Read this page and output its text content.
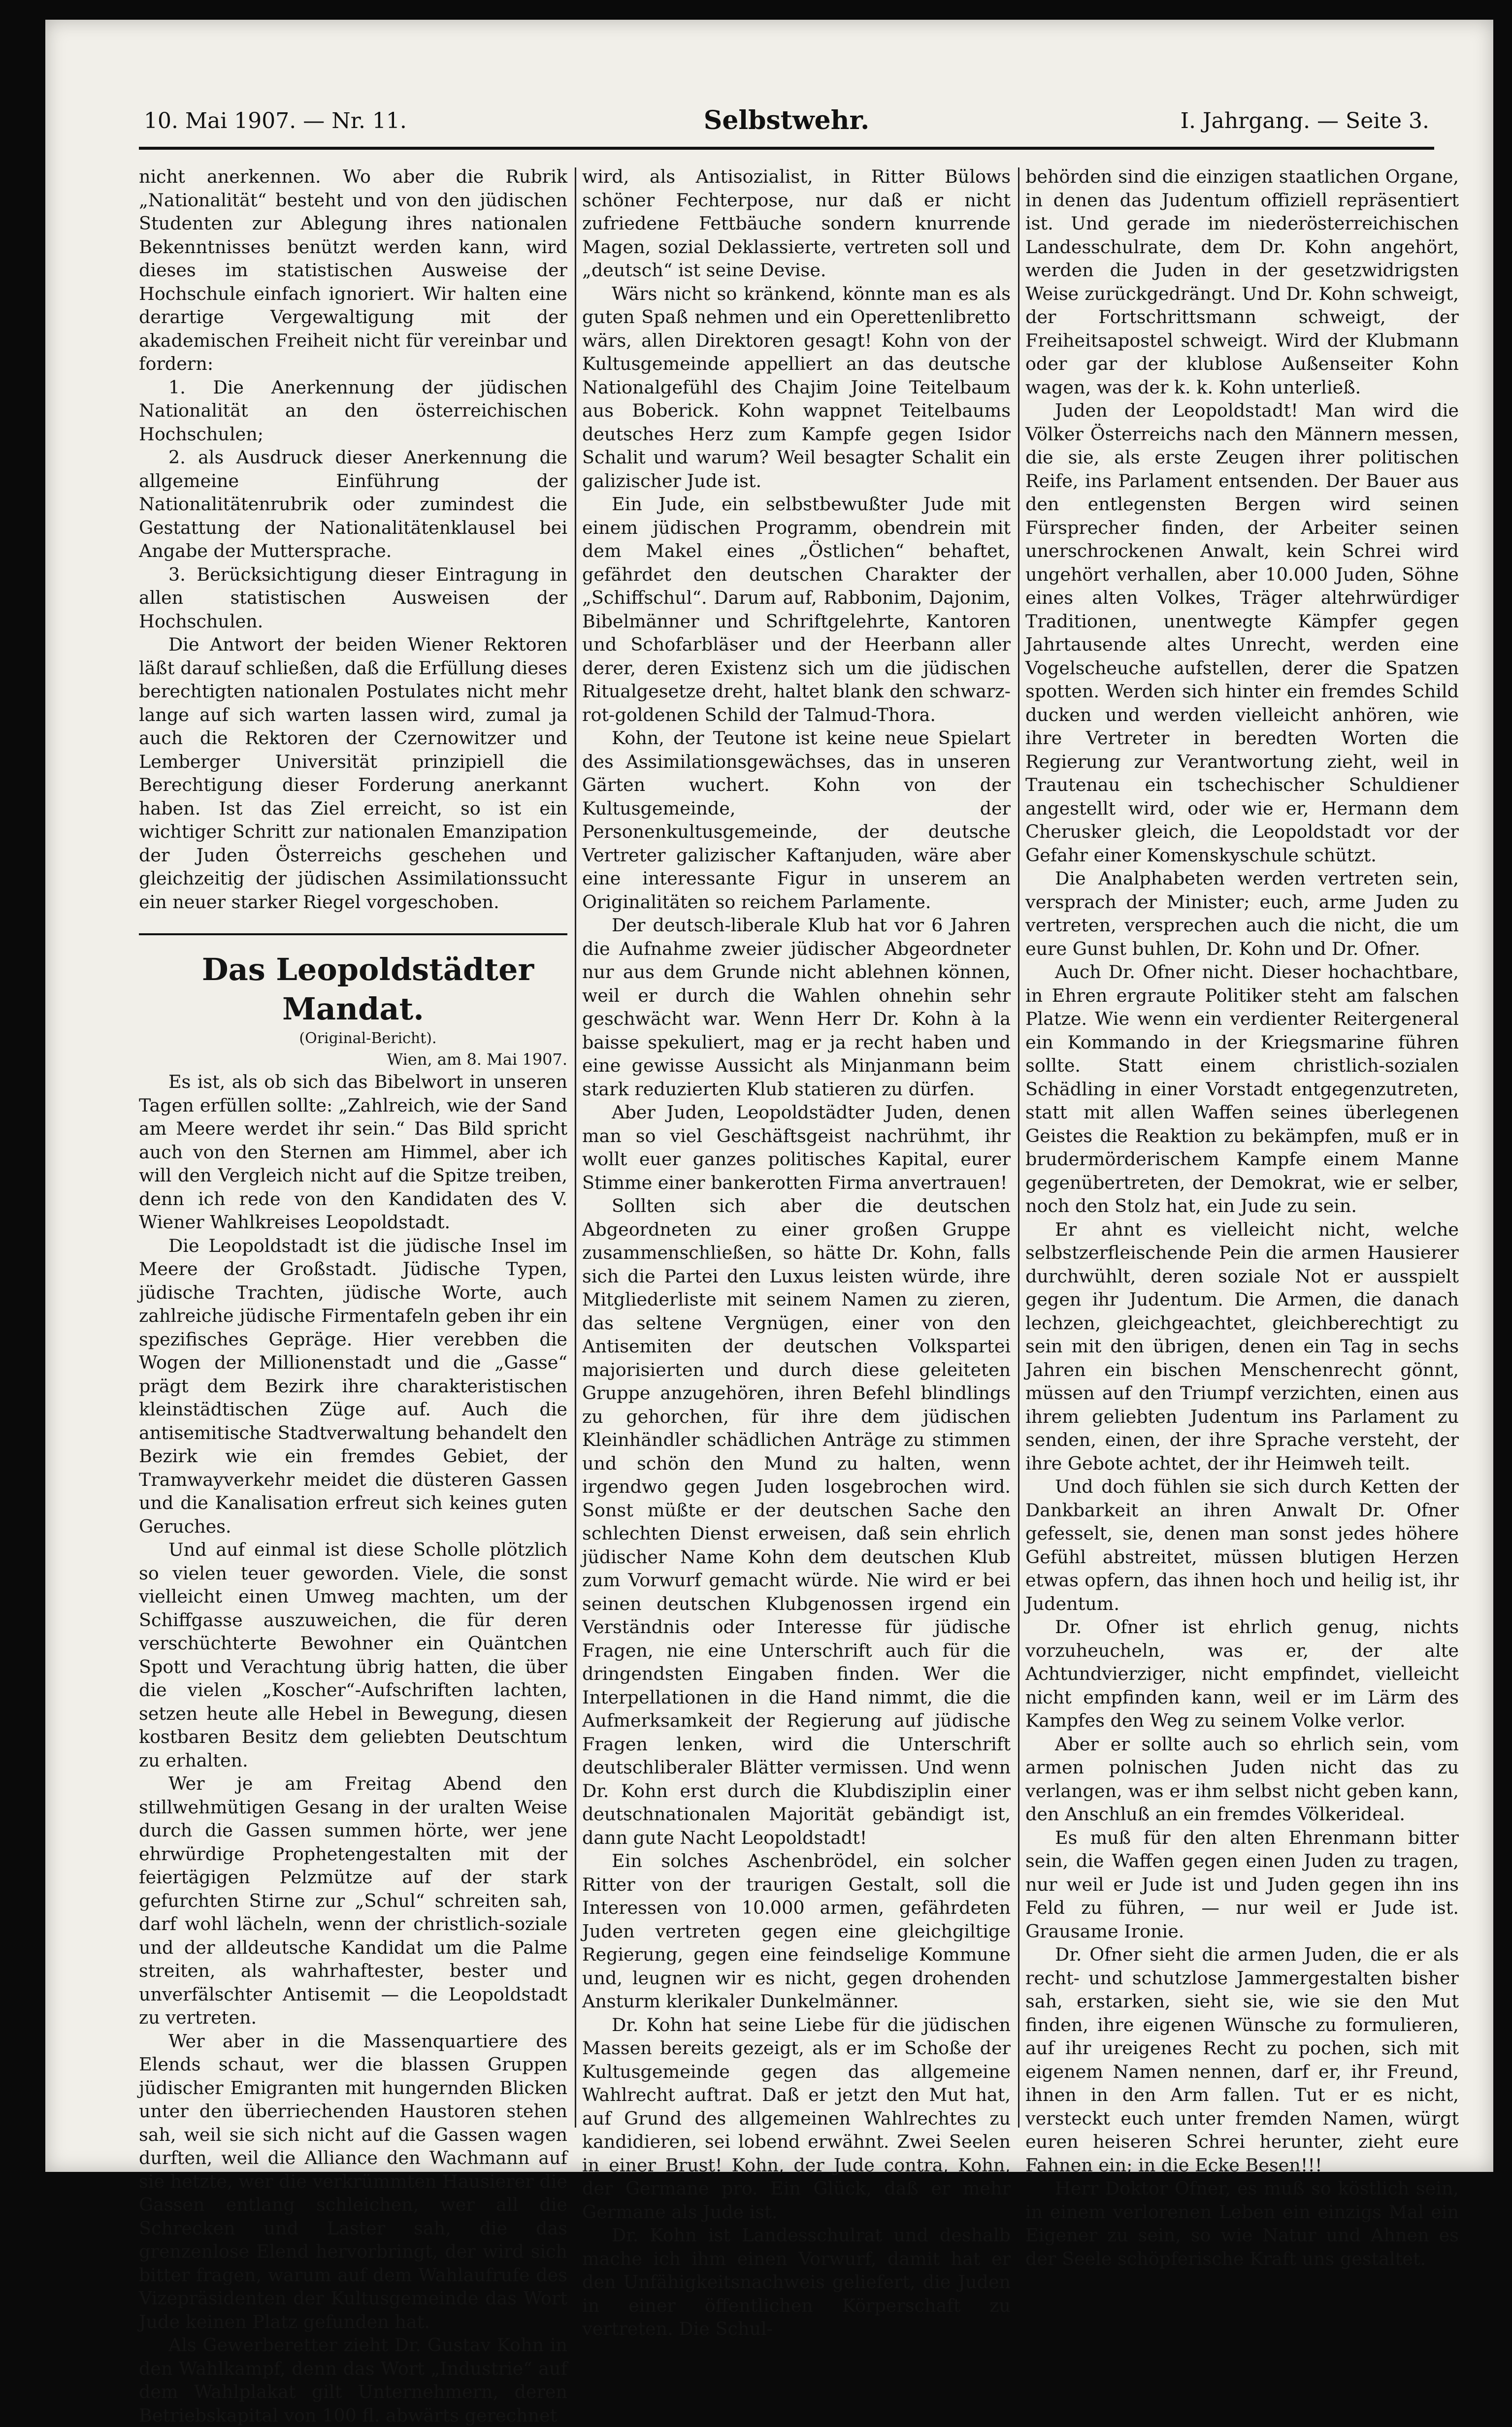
10. Mai 1907. — Nr. 11.	Selbstwehr.	I. Jahrgang. — Seite 3.

nicht anerkennen. Wo aber die Rubrik „Nationalität“ besteht und von den jüdischen Studenten zur Ablegung ihres nationalen Bekenntnisses benützt werden kann, wird dieses im statistischen Ausweise der Hochschule einfach ignoriert. Wir halten eine derartige Vergewaltigung mit der akademischen Freiheit nicht für vereinbar und fordern:

1. Die Anerkennung der jüdischen Nationalität an den österreichischen Hochschulen;

2. als Ausdruck dieser Anerkennung die allgemeine Einführung der Nationalitätenrubrik oder zumindest die Gestattung der Nationalitätenklausel bei Angabe der Muttersprache.

3. Berücksichtigung dieser Eintragung in allen statistischen Ausweisen der Hochschulen.

Die Antwort der beiden Wiener Rektoren läßt darauf schließen, daß die Erfüllung dieses berechtigten nationalen Postulates nicht mehr lange auf sich warten lassen wird, zumal ja auch die Rektoren der Czernowitzer und Lemberger Universität prinzipiell die Berechtigung dieser Forderung anerkannt haben. Ist das Ziel erreicht, so ist ein wichtiger Schritt zur nationalen Emanzipation der Juden Österreichs geschehen und gleichzeitig der jüdischen Assimilationssucht ein neuer starker Riegel vorgeschoben.

Das Leopoldstädter Mandat.

(Original-Bericht).

Wien, am 8. Mai 1907.

Es ist, als ob sich das Bibelwort in unseren Tagen erfüllen sollte: „Zahlreich, wie der Sand am Meere werdet ihr sein.“ Das Bild spricht auch von den Sternen am Himmel, aber ich will den Vergleich nicht auf die Spitze treiben, denn ich rede von den Kandidaten des V. Wiener Wahlkreises Leopoldstadt.

Die Leopoldstadt ist die jüdische Insel im Meere der Großstadt. Jüdische Typen, jüdische Trachten, jüdische Worte, auch zahlreiche jüdische Firmentafeln geben ihr ein spezifisches Gepräge. Hier verebben die Wogen der Millionenstadt und die „Gasse“ prägt dem Bezirk ihre charakteristischen kleinstädtischen Züge auf. Auch die antisemitische Stadtverwaltung behandelt den Bezirk wie ein fremdes Gebiet, der Tramwayverkehr meidet die düsteren Gassen und die Kanalisation erfreut sich keines guten Geruches.

Und auf einmal ist diese Scholle plötzlich so vielen teuer geworden. Viele, die sonst vielleicht einen Umweg machten, um der Schiffgasse auszuweichen, die für deren verschüchterte Bewohner ein Quäntchen Spott und Verachtung übrig hatten, die über die vielen „Koscher“-Aufschriften lachten, setzen heute alle Hebel in Bewegung, diesen kostbaren Besitz dem geliebten Deutschtum zu erhalten.

Wer je am Freitag Abend den stillwehmütigen Gesang in der uralten Weise durch die Gassen summen hörte, wer jene ehrwürdige Prophetengestalten mit der feiertägigen Pelzmütze auf der stark gefurchten Stirne zur „Schul“ schreiten sah, darf wohl lächeln, wenn der christlich-soziale und der alldeutsche Kandidat um die Palme streiten, als wahrhaftester, bester und unverfälschter Antisemit — die Leopoldstadt zu vertreten.

Wer aber in die Massenquartiere des Elends schaut, wer die blassen Gruppen jüdischer Emigranten mit hungernden Blicken unter den überriechenden Haustoren stehen sah, weil sie sich nicht auf die Gassen wagen durften, weil die Alliance den Wachmann auf sie hetzte, wer die verkrümmten Hausierer die Gassen entlang schleichen, wer all die Schrecken und Laster sah, die das grenzenlose Elend hervorbringt, der wird sich bitter fragen, warum auf dem Wahlaufrufe des Vizepräsidenten der Kultusgemeinde das Wort Jude keinen Platz gefunden hat.

Als Gewerberetter zieht Dr. Gustav Kohn in den Wahlkampf, denn das Wort „Industrie“ auf dem Wahlplakat gilt Unternehmern, deren Betriebskapital von 100 fl. abwärts gerechnet

wird, als Antisozialist, in Ritter Bülows schöner Fechterpose, nur daß er nicht zufriedene Fettbäuche sondern knurrende Magen, sozial Deklassierte, vertreten soll und „deutsch“ ist seine Devise.

Wärs nicht so kränkend, könnte man es als guten Spaß nehmen und ein Operettenlibretto wärs, allen Direktoren gesagt! Kohn von der Kultusgemeinde appelliert an das deutsche Nationalgefühl des Chajim Joine Teitelbaum aus Boberick. Kohn wappnet Teitelbaums deutsches Herz zum Kampfe gegen Isidor Schalit und warum? Weil besagter Schalit ein galizischer Jude ist.

Ein Jude, ein selbstbewußter Jude mit einem jüdischen Programm, obendrein mit dem Makel eines „Östlichen“ behaftet, gefährdet den deutschen Charakter der „Schiffschul“. Darum auf, Rabbonim, Dajonim, Bibelmänner und Schriftgelehrte, Kantoren und Schofarbläser und der Heerbann aller derer, deren Existenz sich um die jüdischen Ritualgesetze dreht, haltet blank den schwarz-rot-goldenen Schild der Talmud-Thora.

Kohn, der Teutone ist keine neue Spielart des Assimilationsgewächses, das in unseren Gärten wuchert. Kohn von der Kultusgemeinde, der Personenkultusgemeinde, der deutsche Vertreter galizischer Kaftanjuden, wäre aber eine interessante Figur in unserem an Originalitäten so reichem Parlamente.

Der deutsch-liberale Klub hat vor 6 Jahren die Aufnahme zweier jüdischer Abgeordneter nur aus dem Grunde nicht ablehnen können, weil er durch die Wahlen ohnehin sehr geschwächt war. Wenn Herr Dr. Kohn à la baisse spekuliert, mag er ja recht haben und eine gewisse Aussicht als Minjanmann beim stark reduzierten Klub statieren zu dürfen.

Aber Juden, Leopoldstädter Juden, denen man so viel Geschäftsgeist nachrühmt, ihr wollt euer ganzes politisches Kapital, eurer Stimme einer bankerotten Firma anvertrauen!

Sollten sich aber die deutschen Abgeordneten zu einer großen Gruppe zusammenschließen, so hätte Dr. Kohn, falls sich die Partei den Luxus leisten würde, ihre Mitgliederliste mit seinem Namen zu zieren, das seltene Vergnügen, einer von den Antisemiten der deutschen Volkspartei majorisierten und durch diese geleiteten Gruppe anzugehören, ihren Befehl blindlings zu gehorchen, für ihre dem jüdischen Kleinhändler schädlichen Anträge zu stimmen und schön den Mund zu halten, wenn irgendwo gegen Juden losgebrochen wird. Sonst müßte er der deutschen Sache den schlechten Dienst erweisen, daß sein ehrlich jüdischer Name Kohn dem deutschen Klub zum Vorwurf gemacht würde. Nie wird er bei seinen deutschen Klubgenossen irgend ein Verständnis oder Interesse für jüdische Fragen, nie eine Unterschrift auch für die dringendsten Eingaben finden. Wer die Interpellationen in die Hand nimmt, die die Aufmerksamkeit der Regierung auf jüdische Fragen lenken, wird die Unterschrift deutschliberaler Blätter vermissen. Und wenn Dr. Kohn erst durch die Klubdisziplin einer deutschnationalen Majorität gebändigt ist, dann gute Nacht Leopoldstadt!

Ein solches Aschenbrödel, ein solcher Ritter von der traurigen Gestalt, soll die Interessen von 10.000 armen, gefährdeten Juden vertreten gegen eine gleichgiltige Regierung, gegen eine feindselige Kommune und, leugnen wir es nicht, gegen drohenden Ansturm klerikaler Dunkelmänner.

Dr. Kohn hat seine Liebe für die jüdischen Massen bereits gezeigt, als er im Schoße der Kultusgemeinde gegen das allgemeine Wahlrecht auftrat. Daß er jetzt den Mut hat, auf Grund des allgemeinen Wahlrechtes zu kandidieren, sei lobend erwähnt. Zwei Seelen in einer Brust! Kohn, der Jude contra, Kohn, der Germane pro. Ein Glück, daß er mehr Germane als Jude ist.

Dr. Kohn ist Landesschulrat und deshalb mache ich ihm einen Vorwurf, damit hat er den Unfähigkeitsnachweis geliefert, die Juden in einer öffentlichen Körperschaft zu vertreten. Die Schul-

behörden sind die einzigen staatlichen Organe, in denen das Judentum offiziell repräsentiert ist. Und gerade im niederösterreichischen Landesschulrate, dem Dr. Kohn angehört, werden die Juden in der gesetzwidrigsten Weise zurückgedrängt. Und Dr. Kohn schweigt, der Fortschrittsmann schweigt, der Freiheitsapostel schweigt. Wird der Klubmann oder gar der klublose Außenseiter Kohn wagen, was der k. k. Kohn unterließ.

Juden der Leopoldstadt! Man wird die Völker Österreichs nach den Männern messen, die sie, als erste Zeugen ihrer politischen Reife, ins Parlament entsenden. Der Bauer aus den entlegensten Bergen wird seinen Fürsprecher finden, der Arbeiter seinen unerschrockenen Anwalt, kein Schrei wird ungehört verhallen, aber 10.000 Juden, Söhne eines alten Volkes, Träger altehrwürdiger Traditionen, unentwegte Kämpfer gegen Jahrtausende altes Unrecht, werden eine Vogelscheuche aufstellen, derer die Spatzen spotten. Werden sich hinter ein fremdes Schild ducken und werden vielleicht anhören, wie ihre Vertreter in beredten Worten die Regierung zur Verantwortung zieht, weil in Trautenau ein tschechischer Schuldiener angestellt wird, oder wie er, Hermann dem Cherusker gleich, die Leopoldstadt vor der Gefahr einer Komenskyschule schützt.

Die Analphabeten werden vertreten sein, versprach der Minister; euch, arme Juden zu vertreten, versprechen auch die nicht, die um eure Gunst buhlen, Dr. Kohn und Dr. Ofner.

Auch Dr. Ofner nicht. Dieser hochachtbare, in Ehren ergraute Politiker steht am falschen Platze. Wie wenn ein verdienter Reitergeneral ein Kommando in der Kriegsmarine führen sollte. Statt einem christlich-sozialen Schädling in einer Vorstadt entgegenzutreten, statt mit allen Waffen seines überlegenen Geistes die Reaktion zu bekämpfen, muß er in brudermörderischem Kampfe einem Manne gegenübertreten, der Demokrat, wie er selber, noch den Stolz hat, ein Jude zu sein.

Er ahnt es vielleicht nicht, welche selbstzerfleischende Pein die armen Hausierer durchwühlt, deren soziale Not er ausspielt gegen ihr Judentum. Die Armen, die danach lechzen, gleichgeachtet, gleichberechtigt zu sein mit den übrigen, denen ein Tag in sechs Jahren ein bischen Menschenrecht gönnt, müssen auf den Triumpf verzichten, einen aus ihrem geliebten Judentum ins Parlament zu senden, einen, der ihre Sprache versteht, der ihre Gebote achtet, der ihr Heimweh teilt.

Und doch fühlen sie sich durch Ketten der Dankbarkeit an ihren Anwalt Dr. Ofner gefesselt, sie, denen man sonst jedes höhere Gefühl abstreitet, müssen blutigen Herzen etwas opfern, das ihnen hoch und heilig ist, ihr Judentum.

Dr. Ofner ist ehrlich genug, nichts vorzuheucheln, was er, der alte Achtundvierziger, nicht empfindet, vielleicht nicht empfinden kann, weil er im Lärm des Kampfes den Weg zu seinem Volke verlor.

Aber er sollte auch so ehrlich sein, vom armen polnischen Juden nicht das zu verlangen, was er ihm selbst nicht geben kann, den Anschluß an ein fremdes Völkerideal.

Es muß für den alten Ehrenmann bitter sein, die Waffen gegen einen Juden zu tragen, nur weil er Jude ist und Juden gegen ihn ins Feld zu führen, — nur weil er Jude ist. Grausame Ironie.

Dr. Ofner sieht die armen Juden, die er als recht- und schutzlose Jammergestalten bisher sah, erstarken, sieht sie, wie sie den Mut finden, ihre eigenen Wünsche zu formulieren, auf ihr ureigenes Recht zu pochen, sich mit eigenem Namen nennen, darf er, ihr Freund, ihnen in den Arm fallen. Tut er es nicht, versteckt euch unter fremden Namen, würgt euren heiseren Schrei herunter, zieht eure Fahnen ein; in die Ecke Besen!!!

Herr Doktor Ofner, es muß so köstlich sein, in einem verlorenen Leben ein einzigs Mal ein Eigener zu sein, so wie Natur und Ahnen es der Seele schöpferische Kraft uns gestaltet.
